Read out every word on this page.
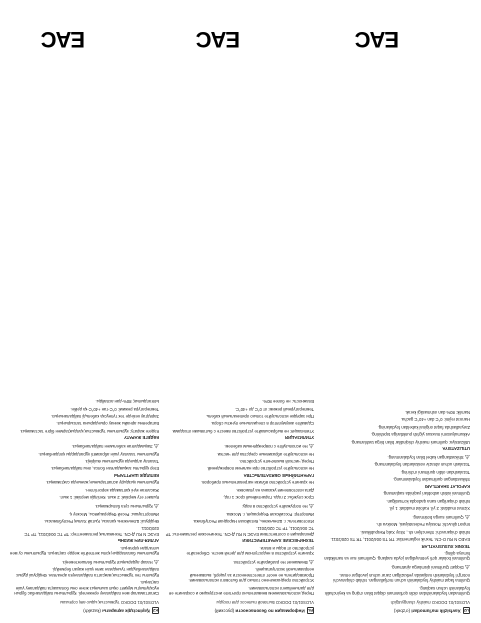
EAC	EAC	EAC
KZ Қауіпсіздік ақпараты (kazakh)
VLDS01/01 DOOKO тұрмыстық ыдыс-аяқ сорғышы

Сипаттамалар мен пайдалану ережелері. Құрылғыны пайдаланбас бұрын нұсқаулықты мұқият оқып шығыңыз және оны болашақта пайдалану үшін сақтаңыз.

Құрылғы тек тұрмыстық мақсатта пайдалануға арналған. Өндіруші дұрыс пайдаланбаудан туындаған зиян үшін жауап бермейді.

⚠Назар аударыңыз! Құрылғыны бөлшектемеңіз.

Құрылғыны балалардың қолы жетпейтін жерде сақтаңыз. Құрылғыны су мен ылғалдан қорғаңыз.

АГЛИЯ-ЛИЧ ЖИЗНЬ

ЕАЭС N RU Д-CN. Техникалық регламенттер: ТР ТС 004/2011, ТР ТС 020/2011.

Өндіруші: Шэньчжэнь қаласы, Қытай Халық Республикасы.

Импорттаушы: Ресей Федерациясы, Мәскеу қ.

⚠Құрылғыны суға батырмаңыз.

Қызмет ету мерзімі: 2 жыл. Кепілдік мерзімі: 1 жыл.

Жасалған күні қаптамада көрсетілген.

Құрылғыны қыздыру аспаптарының жанында сақтамаңыз.

КЕПІЛДІК ШАРТТАРЫ

Егер құрылғы зақымдалған болса, оны пайдаланбаңыз.

Тазалау алдында құрылғыны өшіріңіз.

Құрылғыны тазалау үшін абразивті құралдарды қолданбаңыз.

⚠Зақымдалған кабельмен пайдаланбаңыз.

КӘДЕГЕ ЖАРАТУ

Кәдеге жарату: құрылғыны тұрмыстық қалдықтармен бірге тастамаңыз.

Батареяны арнайы жинау орындарына тапсырыңыз.

Зарядтау кезінде тек түпнұсқа кабельді пайдаланыңыз.

Температура режимі: 0°C-тан +40°C-қа дейін.

Ылғалдылық: 80%-дан аспайды.

RU Информация по безопасности (русский)
VLDS01/01 DOOKO Бытовой пылесос для посуды

Перед использованием внимательно прочтите инструкцию и сохраните её для дальнейшего использования.

Устройство предназначено только для бытового использования. Производитель не несёт ответственности за ущерб, вызванный неправильной эксплуатацией.

⚠Внимание! Не разбирайте устройство.

Храните устройство в недоступном для детей месте. Оберегайте устройство от воды и влаги.

ТЕХНИЧЕСКИЕ ХАРАКТЕРИСТИКИ

Декларация о соответствии ЕАЭС N RU Д-CN. Технические регламенты: ТР ТС 004/2011, ТР ТС 020/2011.

Изготовитель: г. Шэньчжэнь, Китайская Народная Республика.

Импортёр: Российская Федерация, г. Москва.

⚠Не погружайте устройство в воду.

Срок службы: 2 года. Гарантийный срок: 1 год.

Дата изготовления указана на упаковке.

Не храните устройство вблизи нагревательных приборов.

ГАРАНТИЙНЫЕ ОБЯЗАТЕЛЬСТВА

Не используйте устройство при наличии повреждений.

Перед чисткой выключите устройство.

Не используйте абразивные средства для чистки.

⚠Не используйте с повреждённым кабелем.

УТИЛИЗАЦИЯ

Утилизация: не выбрасывайте устройство вместе с бытовыми отходами.

Сдавайте аккумулятор в специальные пункты сбора.

При зарядке используйте только оригинальный кабель.

Температурный режим: от 0°C до +40°C.

Влажность: не более 80%.

UZ Xavfsizlik ma'lumotlari (o'zbek)
VLDS01/01 DOOKO maishiy changyutgich

Qurilmadan foydalanishdan oldin qo'llanmani diqqat bilan o'qing va keyinchalik foydalanish uchun saqlang.

Qurilma faqat maishiy foydalanish uchun mo'ljallangan. Ishlab chiqaruvchi noto'g'ri foydalanish natijasida yetkazilgan zarar uchun javobgar emas.

⚠Diqqat! Qurilmani qismlarga ajratmang.

Qurilmani bolalar qo'li yetmaydigan joyda saqlang. Qurilmani suv va namlikdan himoya qiling.

TEXNIK XUSUSIYATLAR

EAEO N RU D-CN. Texnik reglamentlar: TR TS 004/2011, TR TS 020/2011.

Ishlab chiqaruvchi: Shenchjen sh., Xitoy Xalq Respublikasi.

Import qiluvchi: Rossiya Federatsiyasi, Moskva sh.

⚠Qurilmani suvga botirmang.

Xizmat muddati: 2 yil. Kafolat muddati: 1 yil.

Ishlab chiqarilgan sana qadoqda ko'rsatilgan.

Qurilmani isitish asboblari yaqinida saqlamang.

KAFOLAT SHARTLARI

Shikastlangan qurilmadan foydalanmang.

Tozalashdan oldin qurilmani o'chiring.

Tozalash uchun abraziv vositalardan foydalanmang.

⚠Shikastlangan kabel bilan foydalanmang.

UTILIZATSIYA

Utilizatsiya: qurilmani maishiy chiqindilar bilan birga tashlamang.

Akkumulyatorni maxsus yig'ish punktlariga topshiring.

Zaryadlashda faqat original kabeldan foydalaning.

Harorat rejimi: 0°C dan +40°C gacha.

Namlik: 80% dan oshmasligi kerak.
